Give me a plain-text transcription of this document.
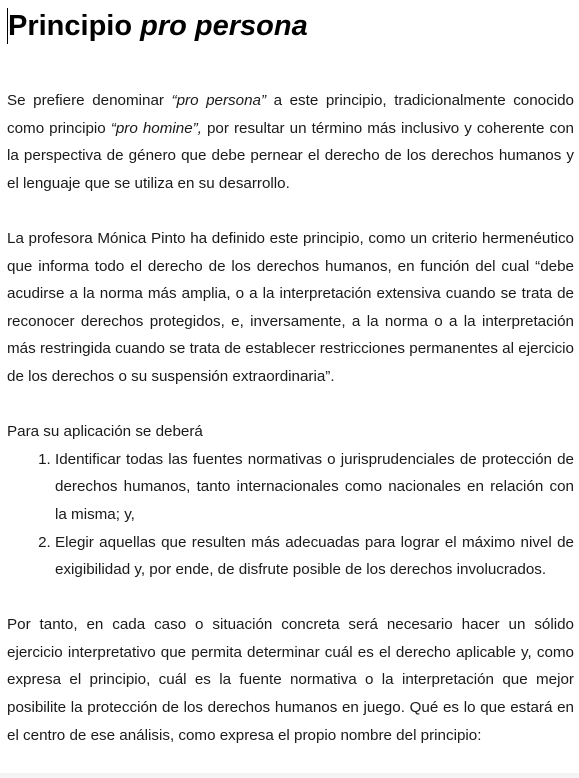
Principio pro persona

Se prefiere denominar “pro persona” a este principio, tradicionalmente conocido como principio “pro homine”, por resultar un término más inclusivo y coherente con la perspectiva de género que debe pernear el derecho de los derechos humanos y el lenguaje que se utiliza en su desarrollo.

La profesora Mónica Pinto ha definido este principio, como un criterio hermenéutico que informa todo el derecho de los derechos humanos, en función del cual “debe acudirse a la norma más amplia, o a la interpretación extensiva cuando se trata de reconocer derechos protegidos, e, inversamente, a la norma o a la interpretación más restringida cuando se trata de establecer restricciones permanentes al ejercicio de los derechos o su suspensión extraordinaria”.

Para su aplicación se deberá

1. Identificar todas las fuentes normativas o jurisprudenciales de protección de derechos humanos, tanto internacionales como nacionales en relación con la misma; y,
2. Elegir aquellas que resulten más adecuadas para lograr el máximo nivel de exigibilidad y, por ende, de disfrute posible de los derechos involucrados.

Por tanto, en cada caso o situación concreta será necesario hacer un sólido ejercicio interpretativo que permita determinar cuál es el derecho aplicable y, como expresa el principio, cuál es la fuente normativa o la interpretación que mejor posibilite la protección de los derechos humanos en juego. Qué es lo que estará en el centro de ese análisis, como expresa el propio nombre del principio:
